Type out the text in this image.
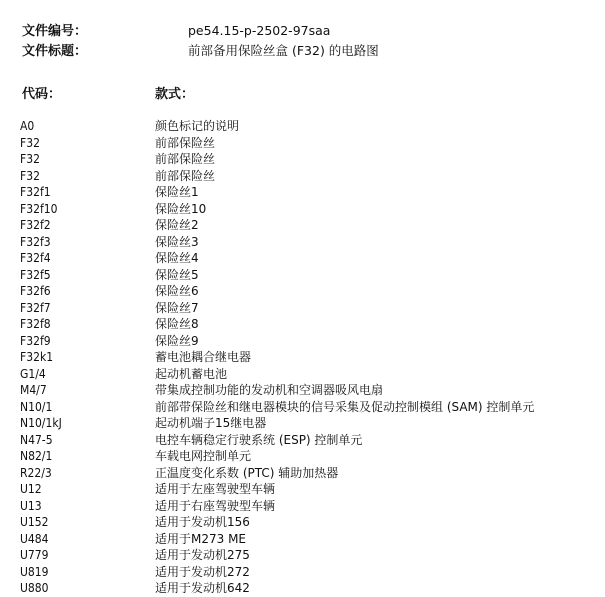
文件编号：	pe54.15-p-2502-97saa
文件标题：	前部备用保险丝盒 (F32) 的电路图
代码：	款式：
A0	颜色标记的说明
F32	前部保险丝
F32	前部保险丝
F32	前部保险丝
F32f1	保险丝1
F32f10	保险丝10
F32f2	保险丝2
F32f3	保险丝3
F32f4	保险丝4
F32f5	保险丝5
F32f6	保险丝6
F32f7	保险丝7
F32f8	保险丝8
F32f9	保险丝9
F32k1	蓄电池耦合继电器
G1/4	起动机蓄电池
M4/7	带集成控制功能的发动机和空调器吸风电扇
N10/1	前部带保险丝和继电器模块的信号采集及促动控制模组 (SAM) 控制单元
N10/1kJ	起动机端子15继电器
N47-5	电控车辆稳定行驶系统 (ESP) 控制单元
N82/1	车载电网控制单元
R22/3	正温度变化系数 (PTC) 辅助加热器
U12	适用于左座驾驶型车辆
U13	适用于右座驾驶型车辆
U152	适用于发动机156
U484	适用于M273 ME
U779	适用于发动机275
U819	适用于发动机272
U880	适用于发动机642
